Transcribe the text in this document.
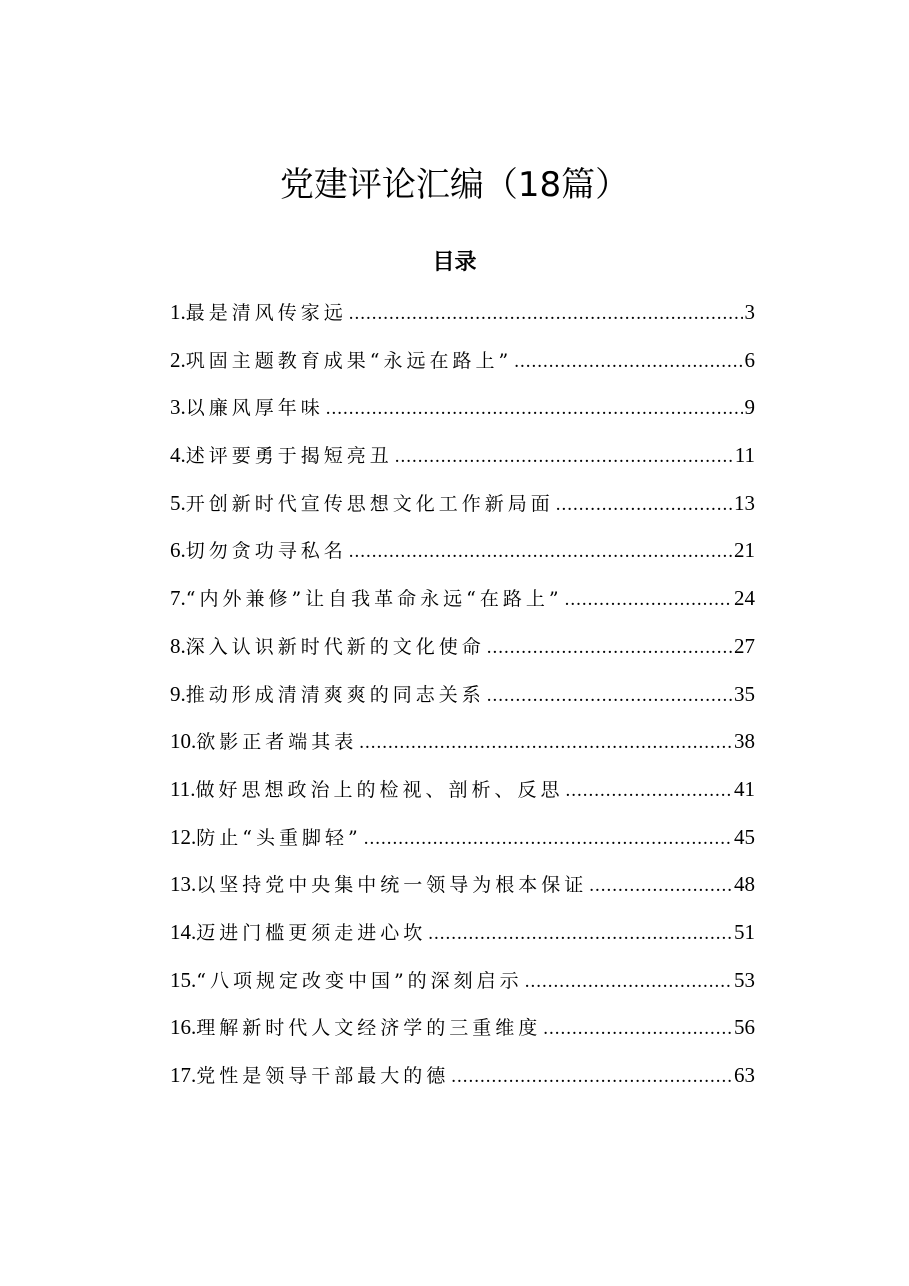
党建评论汇编（18篇）
目录
1. 最是清风传家远 .....	3
2. 巩固主题教育成果“永远在路上” .....	6
3. 以廉风厚年味 .....	9
4. 述评要勇于揭短亮丑 .....	11
5. 开创新时代宣传思想文化工作新局面 .....	13
6. 切勿贪功寻私名 .....	21
7. “内外兼修”让自我革命永远“在路上” .....	24
8. 深入认识新时代新的文化使命 .....	27
9. 推动形成清清爽爽的同志关系 .....	35
10. 欲影正者端其表 .....	38
11. 做好思想政治上的检视、剖析、反思 .....	41
12. 防止“头重脚轻” .....	45
13. 以坚持党中央集中统一领导为根本保证 .....	48
14. 迈进门槛更须走进心坎 .....	51
15. “八项规定改变中国”的深刻启示 .....	53
16. 理解新时代人文经济学的三重维度 .....	56
17. 党性是领导干部最大的德 .....	63
